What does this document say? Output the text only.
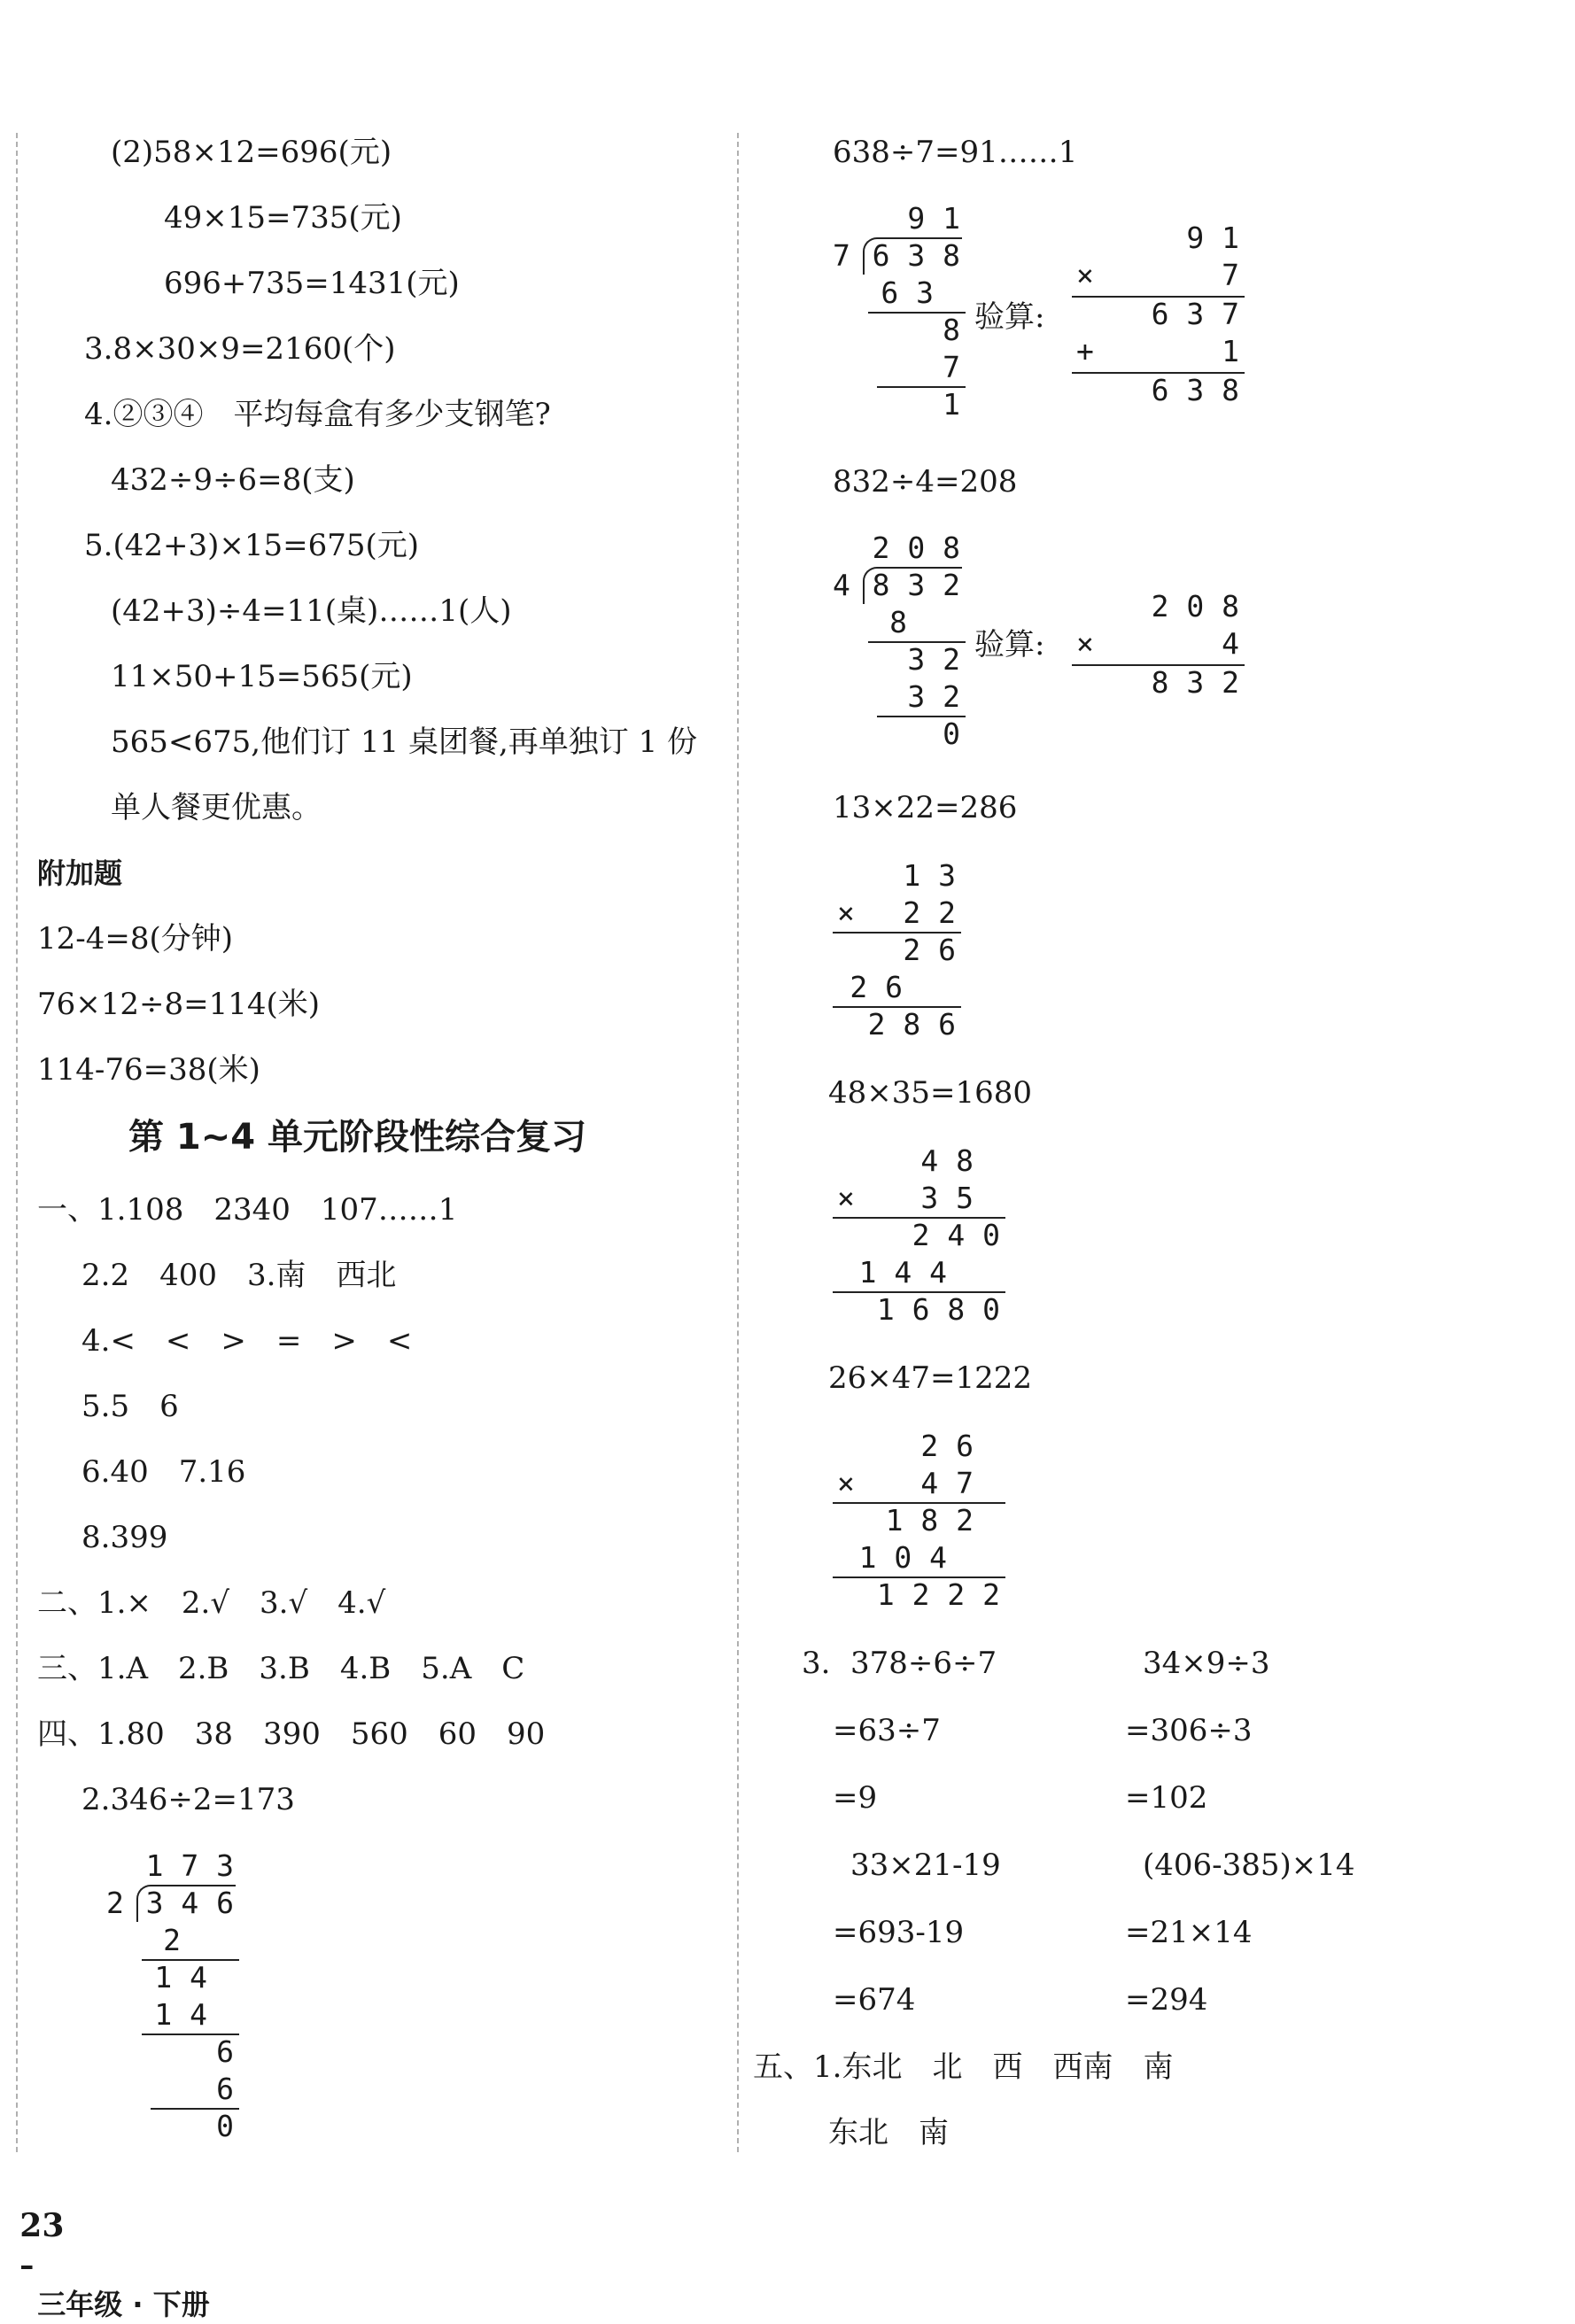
(2)58×12=696(元)
49×15=735(元)
696+735=1431(元)
3.8×30×9=2160(个)
4.②③④　平均每盒有多少支钢笔?
432÷9÷6=8(支)
5.(42+3)×15=675(元)
(42+3)÷4=11(桌)……1(人)
11×50+15=565(元)
565<675,他们订 11 桌团餐,再单独订 1 份
单人餐更优惠。
附加题
12-4=8(分钟)
76×12÷8=114(米)
114-76=38(米)
第 1~4 单元阶段性综合复习
一、1.108　2340　107……1
2.2　400　3.南　西北
4.<　<　>　=　>　<
5.5　6
6.40　7.16
8.399
二、1.×　2.√　3.√　4.√
三、1.A　2.B　3.B　4.B　5.A　C
四、1.80　38　390　560　60　90
2.346÷2=173
1 7 3
2 3 4 6
2
1 4
1 4
6
6
0
638÷7=91……1
9 1
7 6 3 8
6 3
8
7
1
验算:
9 1
×	7
6 3 7
+	1
6 3 8
832÷4=208
2 0 8
4 8 3 2
8
3 2
3 2
0
验算:
2 0 8
×	4
8 3 2
13×22=286
1 3
× 2 2
2 6
2 6
2 8 6
48×35=1680
4 8
× 3 5
2 4 0
1 4 4
1 6 8 0
26×47=1222
2 6
× 4 7
1 8 2
1 0 4
1 2 2 2
3. 378÷6÷7
=63÷7
=9
33×21-19
=693-19
=674
34×9÷3
=306÷3
=102
(406-385)×14
=21×14
=294
五、1.东北　北　西　西南　南
东北　南

23
–
三年级 · 下册
